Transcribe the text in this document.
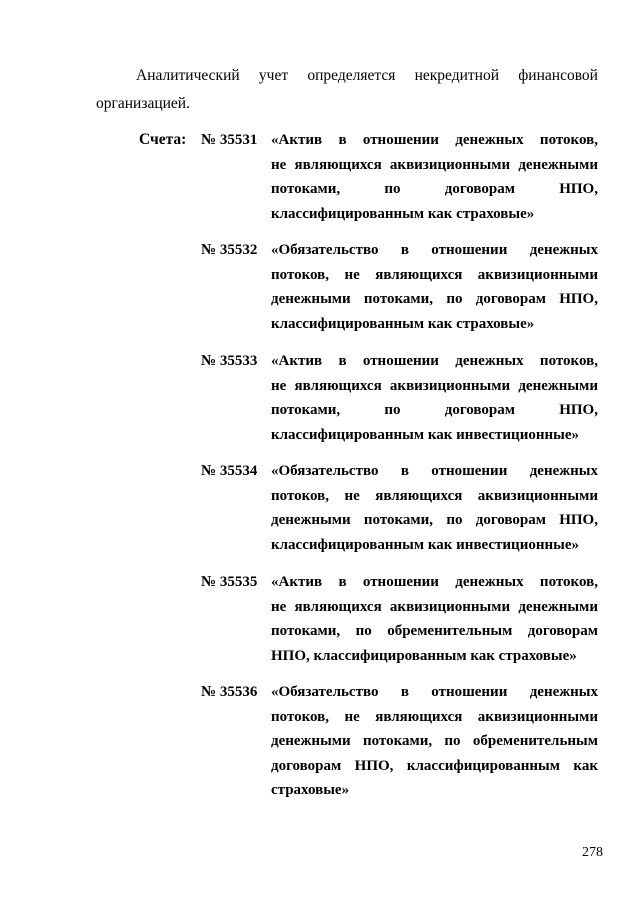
Аналитический учет определяется некредитной финансовой
организацией.
Счета: № 35531 «Актив в отношении денежных потоков,
не являющихся аквизиционными денежными
потоками,	по	договорам	НПО,
классифицированным как страховые»
№ 35532 «Обязательство в отношении денежных
потоков, не являющихся аквизиционными
денежными потоками, по договорам НПО,
классифицированным как страховые»
№ 35533 «Актив в отношении денежных потоков,
не являющихся аквизиционными денежными
потоками,	по	договорам	НПО,
классифицированным как инвестиционные»
№ 35534 «Обязательство в отношении денежных
потоков, не являющихся аквизиционными
денежными потоками, по договорам НПО,
классифицированным как инвестиционные»
№ 35535 «Актив в отношении денежных потоков,
не являющихся аквизиционными денежными
потоками, по обременительным договорам
НПО, классифицированным как страховые»
№ 35536 «Обязательство в отношении денежных
потоков, не являющихся аквизиционными
денежными потоками, по обременительным
договорам НПО, классифицированным как
страховые»
278
